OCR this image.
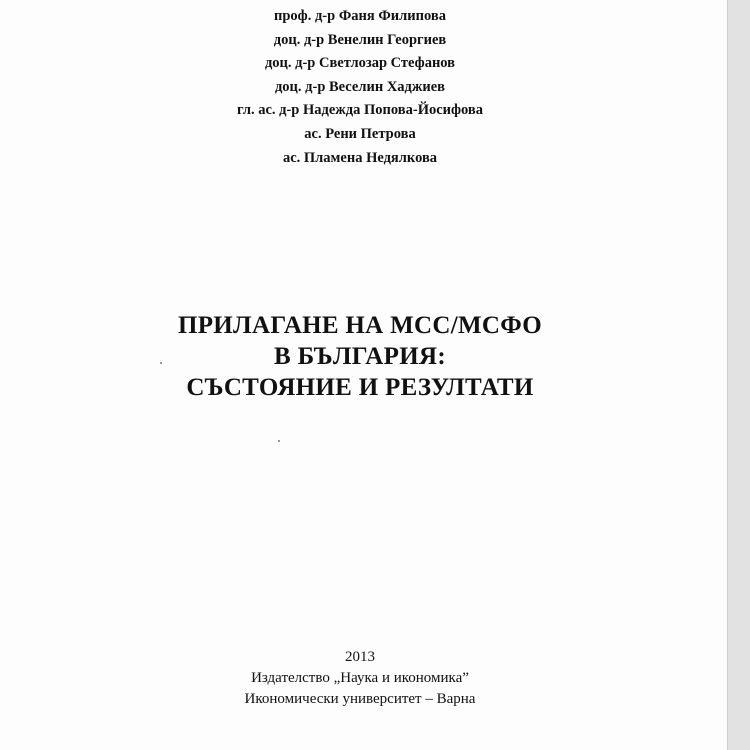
проф. д-р Фаня Филипова
доц. д-р Венелин Георгиев
доц. д-р Светлозар Стефанов
доц. д-р Веселин Хаджиев
гл. ас. д-р Надежда Попова-Йосифова
ас. Рени Петрова
ас. Пламена Недялкова
ПРИЛАГАНЕ НА МСС/МСФО
В БЪЛГАРИЯ:
СЪСТОЯНИЕ И РЕЗУЛТАТИ
2013
Издателство „Наука и икономика”
Икономически университет – Варна
